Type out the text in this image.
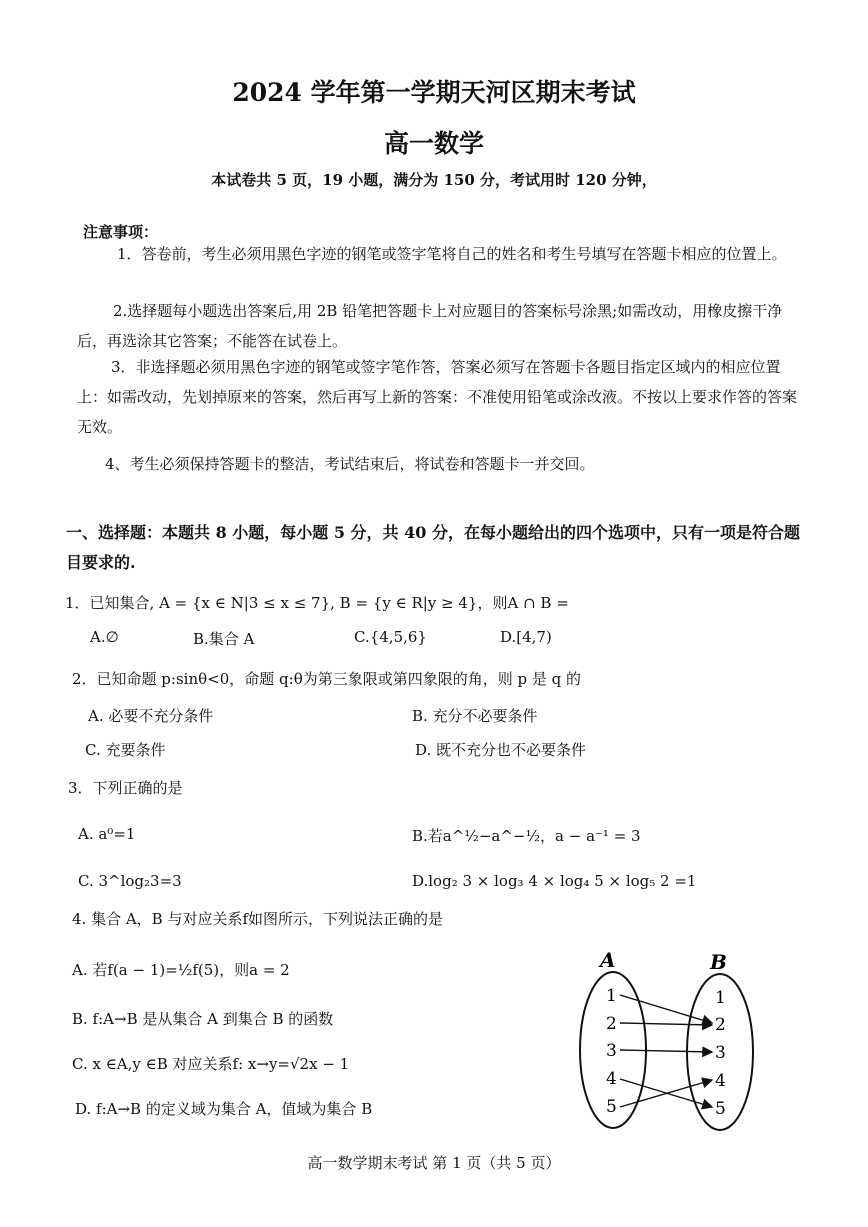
2024 学年第一学期天河区期末考试
高一数学
本试卷共 5 页，19 小题，满分为 150 分，考试用时 120 分钟，
注意事项：
1．答卷前，考生必须用黑色字迹的钢笔或签字笔将自己的姓名和考生号填写在答题卡相应的位置上。
2.选择题每小题选出答案后,用 2B 铅笔把答题卡上对应题目的答案标号涂黑;如需改动，用橡皮擦干净后，再选涂其它答案；不能答在试卷上。
3．非选择题必须用黑色字迹的钢笔或签字笔作答，答案必须写在答题卡各题目指定区域内的相应位置上：如需改动，先划掉原来的答案，然后再写上新的答案：不准使用铅笔或涂改液。不按以上要求作答的答案无效。
4、考生必须保持答题卡的整洁，考试结束后，将试卷和答题卡一并交回。
一、选择题：本题共 8 小题，每小题 5 分，共 40 分，在每小题给出的四个选项中，只有一项是符合题目要求的.
1．已知集合, A = {x ∈ N|3 ≤ x ≤ 7}, B = {y ∈ R|y ≥ 4}，则A ∩ B =
A.∅	B.集合 A	C.{4,5,6}	D.[4,7)
2．已知命题 p:sinθ<0，命题 q:θ为第三象限或第四象限的角，则 p 是 q 的
A. 必要不充分条件	B. 充分不必要条件
C. 充要条件	D. 既不充分也不必要条件
3．下列正确的是
A. a⁰=1	B.若a^½−a^−½，a − a⁻¹ = 3
C. 3^log₂3=3	D.log₂ 3 × log₃ 4 × log₄ 5 × log₅ 2 =1
4. 集合 A，B 与对应关系f如图所示，下列说法正确的是
A. 若f(a − 1)=½f(5)，则a = 2
B. f:A→B 是从集合 A 到集合 B 的函数
C. x ∈A,y ∈B 对应关系f: x→y=√2x − 1
D. f:A→B 的定义域为集合 A，值域为集合 B
A	B
1
2
3
4
5
1
2
3
4
5
高一数学期末考试 第 1 页（共 5 页）
